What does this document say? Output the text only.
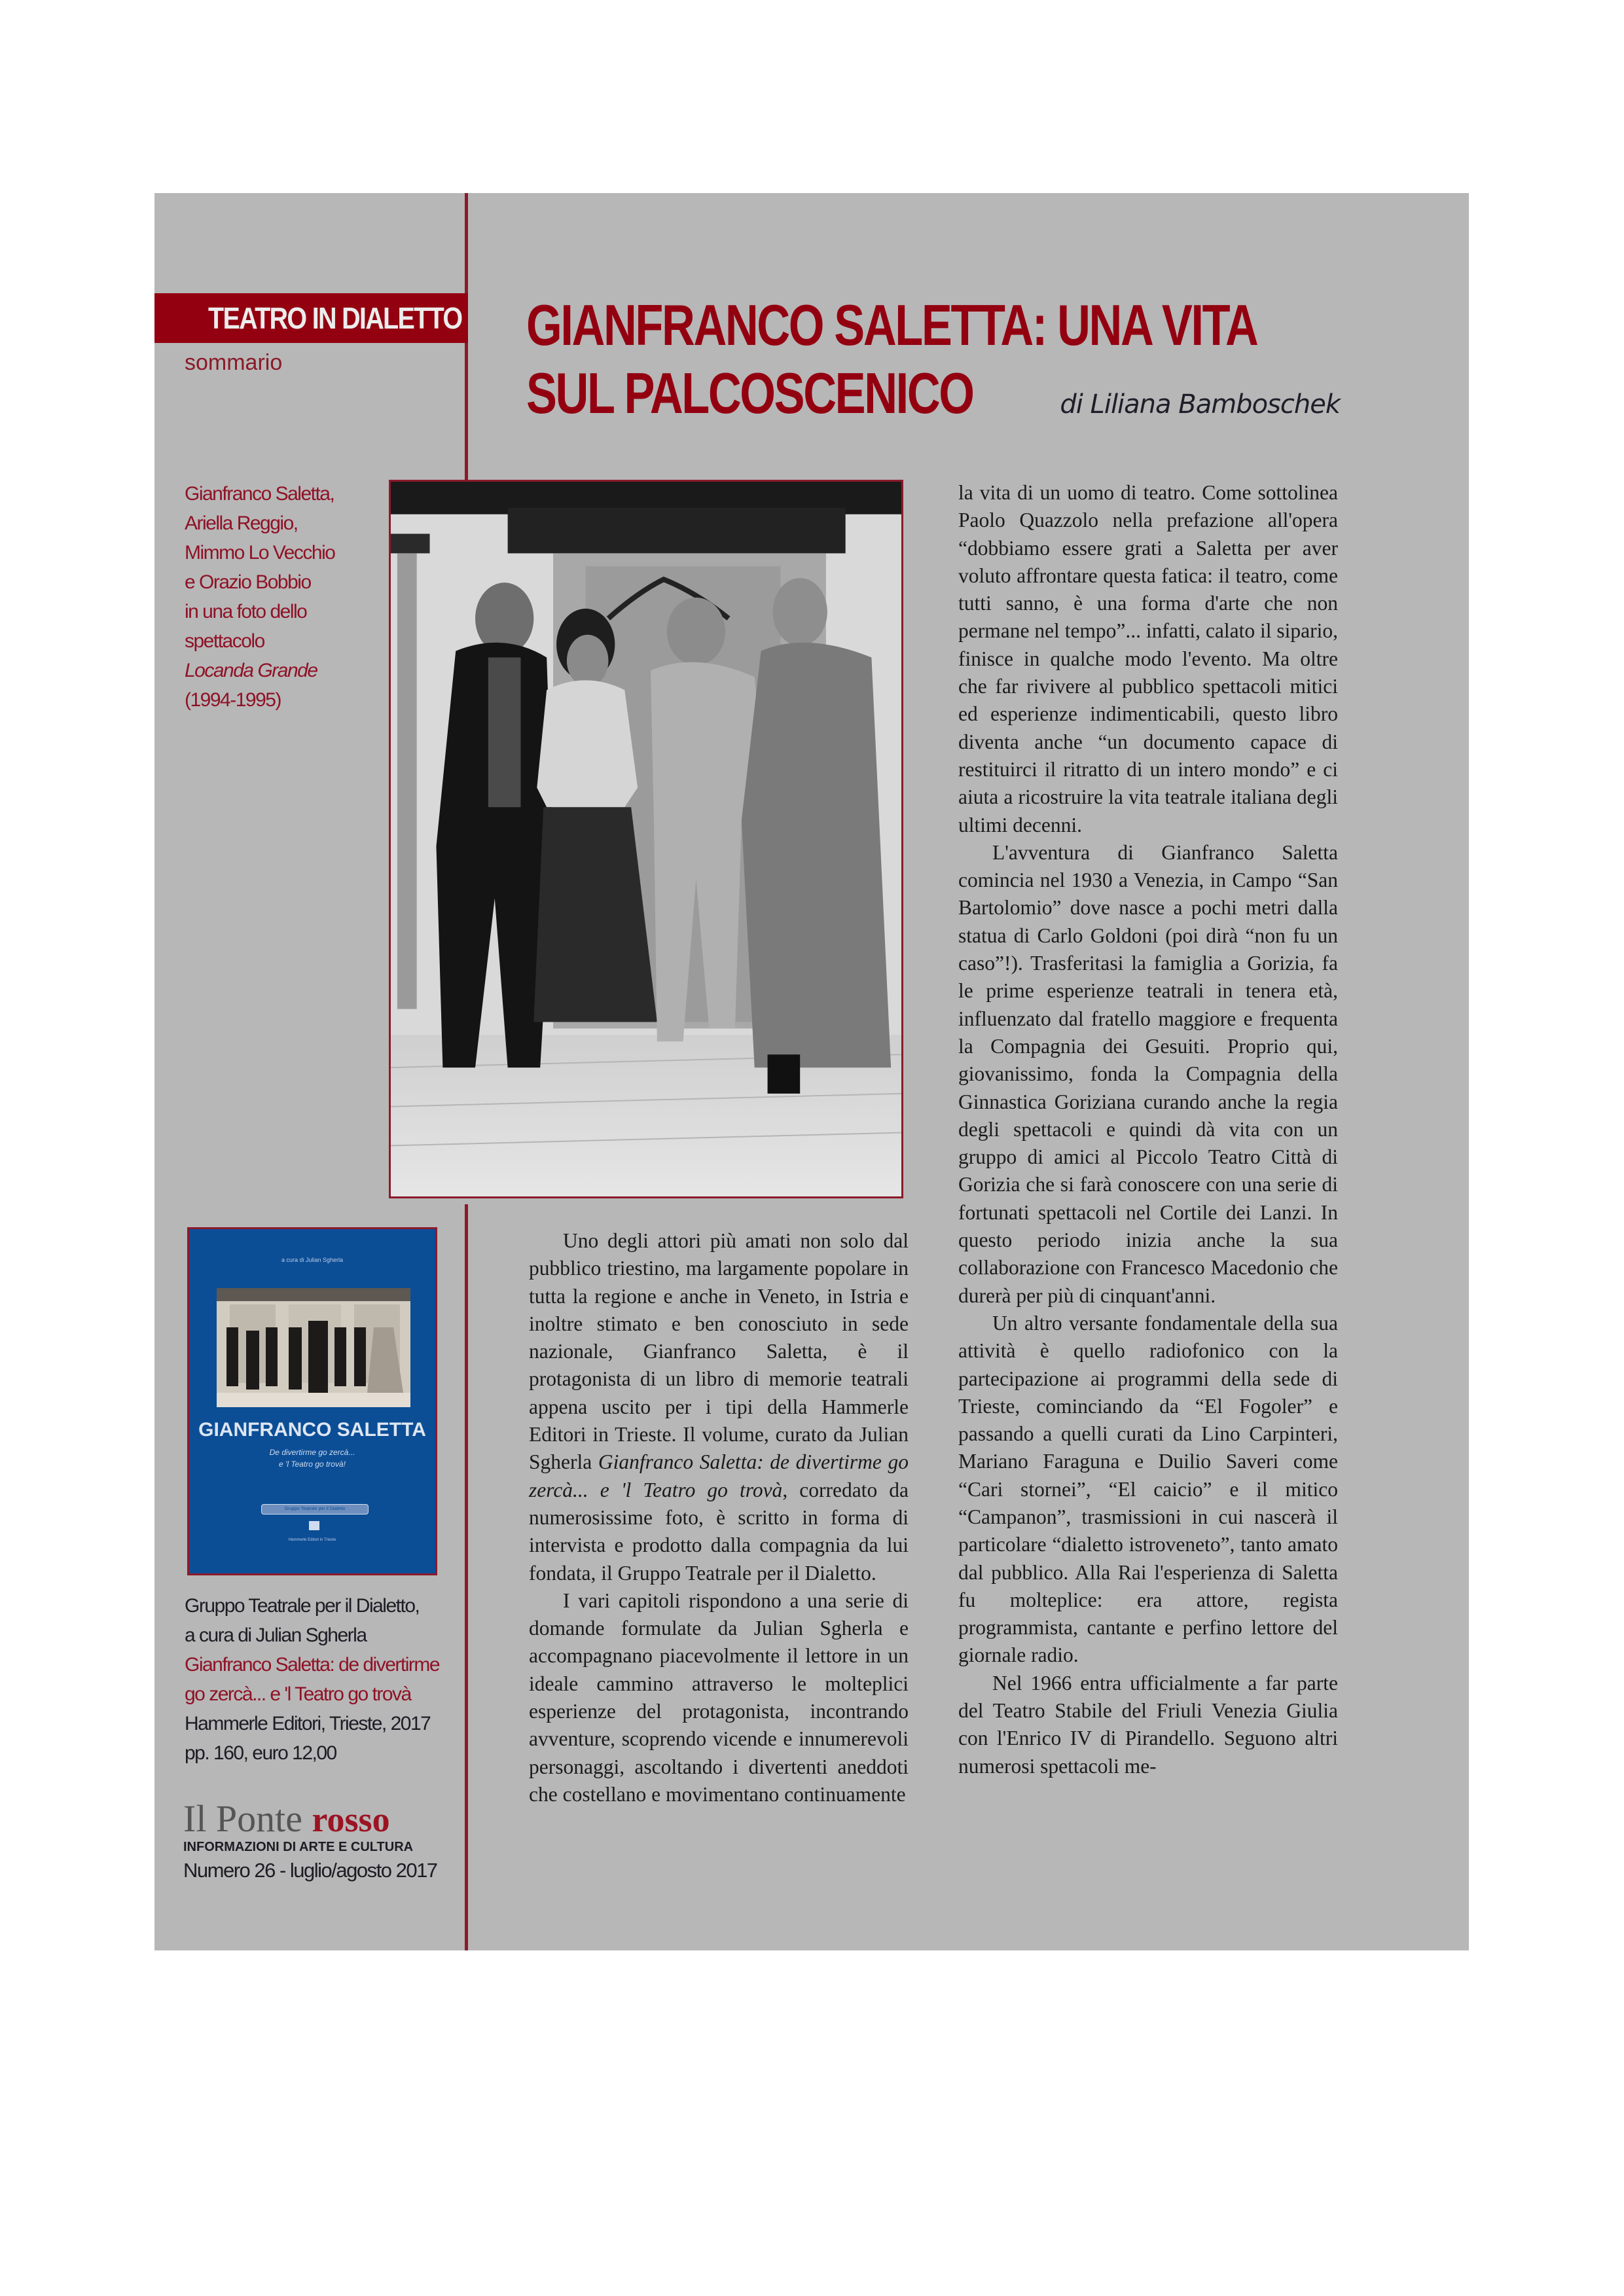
TEATRO IN DIALETTO
sommario
GIANFRANCO SALETTA: UNA VITA
SUL PALCOSCENICO	di Liliana Bamboschek
Gianfranco Saletta,
Ariella Reggio,
Mimmo Lo Vecchio
e Orazio Bobbio
in una foto dello
spettacolo
Locanda Grande
(1994-1995)
a cura di Julian Sgherla
GIANFRANCO SALETTA
De divertirme go zercà...
e 'l Teatro go trovà!
Gruppo Teatrale per il Dialetto
Hammerle Editori in Trieste
Gruppo Teatrale per il Dialetto,
a cura di Julian Sgherla
Gianfranco Saletta: de divertirme
go zercà... e 'l Teatro go trovà
Hammerle Editori, Trieste, 2017
pp. 160, euro 12,00
Il Ponte rosso
INFORMAZIONI DI ARTE E CULTURA
Numero 26 - luglio/agosto 2017

Uno degli attori più amati non solo dal pubblico triestino, ma largamente popolare in tutta la regione e anche in Veneto, in Istria e inoltre stimato e ben conosciuto in sede nazionale, Gianfranco Saletta, è il protagonista di un libro di memorie teatrali appena uscito per i tipi della Hammerle Editori in Trieste. Il volume, curato da Julian Sgherla Gianfranco Saletta: de divertirme go zercà... e 'l Teatro go trovà, corredato da numerosissime foto, è scritto in forma di intervista e prodotto dalla compagnia da lui fondata, il Gruppo Teatrale per il Dialetto.

I vari capitoli rispondono a una serie di domande formulate da Julian Sgherla e accompagnano piacevolmente il lettore in un ideale cammino attraverso le molteplici esperienze del protagonista, incontrando avventure, scoprendo vicende e innumerevoli personaggi, ascoltando i divertenti aneddoti che costellano e movimentano continuamente

la vita di un uomo di teatro. Come sottolinea Paolo Quazzolo nella prefazione all'opera “dobbiamo essere grati a Saletta per aver voluto affrontare questa fatica: il teatro, come tutti sanno, è una forma d'arte che non permane nel tempo”... infatti, calato il sipario, finisce in qualche modo l'evento. Ma oltre che far rivivere al pubblico spettacoli mitici ed esperienze indimenticabili, questo libro diventa anche “un documento capace di restituirci il ritratto di un intero mondo” e ci aiuta a ricostruire la vita teatrale italiana degli ultimi decenni.

L'avventura di Gianfranco Saletta comincia nel 1930 a Venezia, in Campo “San Bartolomio” dove nasce a pochi metri dalla statua di Carlo Goldoni (poi dirà “non fu un caso”!). Trasferitasi la famiglia a Gorizia, fa le prime esperienze teatrali in tenera età, influenzato dal fratello maggiore e frequenta la Compagnia dei Gesuiti. Proprio qui, giovanissimo, fonda la Compagnia della Ginnastica Goriziana curando anche la regia degli spettacoli e quindi dà vita con un gruppo di amici al Piccolo Teatro Città di Gorizia che si farà conoscere con una serie di fortunati spettacoli nel Cortile dei Lanzi. In questo periodo inizia anche la sua collaborazione con Francesco Macedonio che durerà per più di cinquant'anni.

Un altro versante fondamentale della sua attività è quello radiofonico con la partecipazione ai programmi della sede di Trieste, cominciando da “El Fogoler” e passando a quelli curati da Lino Carpinteri, Mariano Faraguna e Duilio Saveri come “Cari stornei”, “El caicio” e il mitico “Campanon”, trasmissioni in cui nascerà il particolare “dialetto istroveneto”, tanto amato dal pubblico. Alla Rai l'esperienza di Saletta fu molteplice: era attore, regista programmista, cantante e perfino lettore del giornale radio.

Nel 1966 entra ufficialmente a far parte del Teatro Stabile del Friuli Venezia Giulia con l'Enrico IV di Pirandello. Seguono altri numerosi spettacoli me-
